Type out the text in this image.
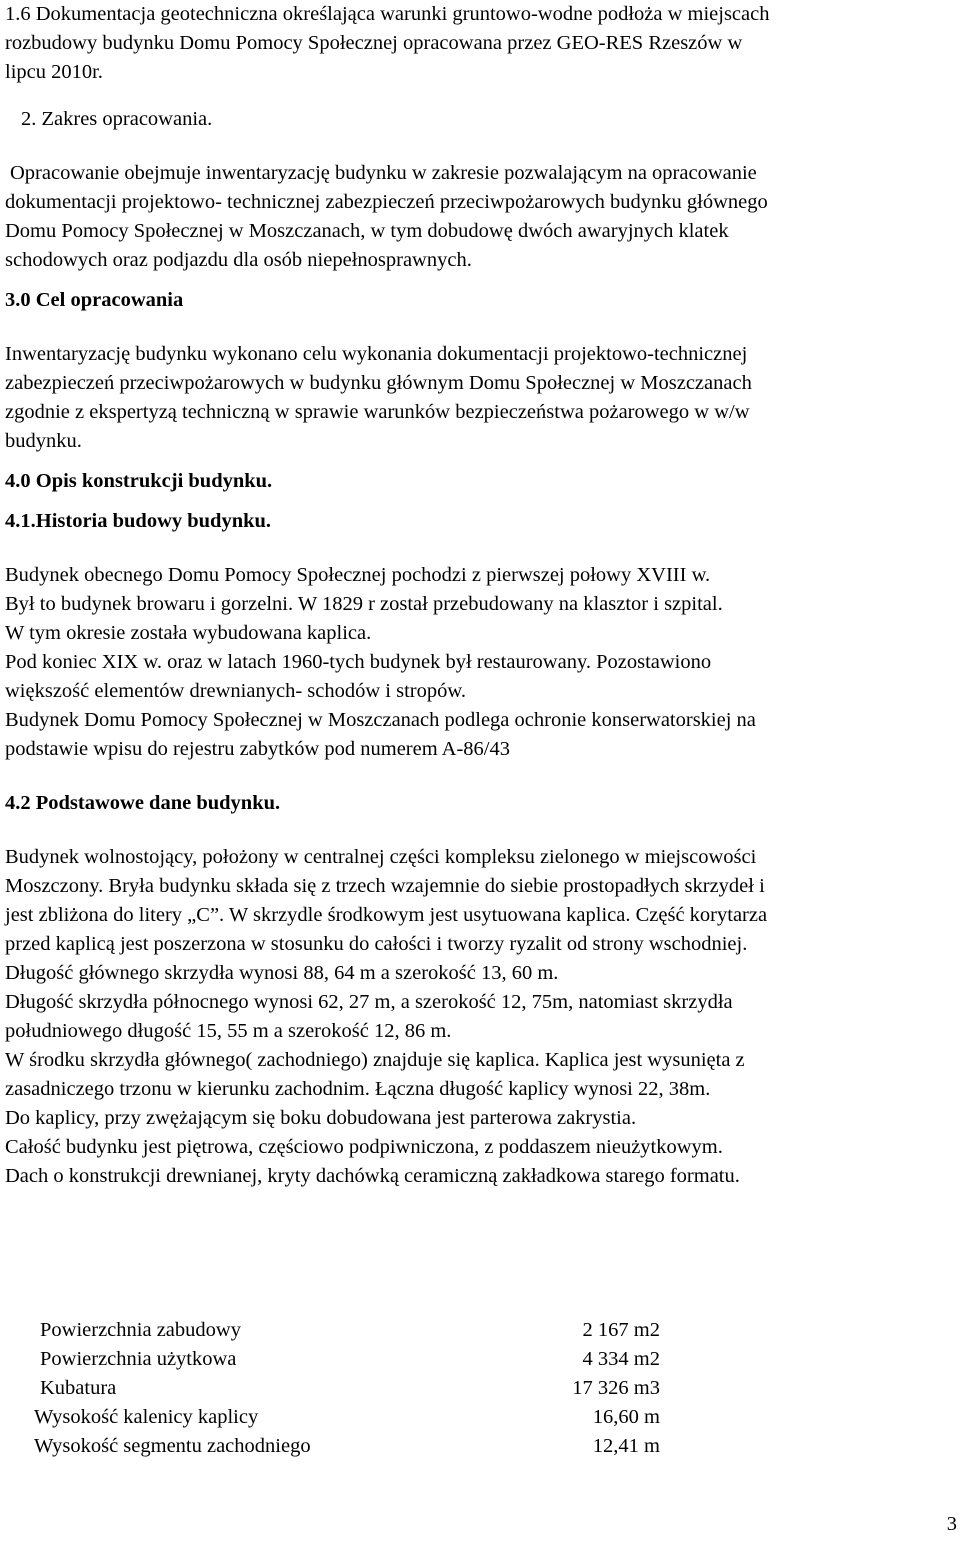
1.6 Dokumentacja geotechniczna określająca warunki gruntowo-wodne podłoża w miejscach
rozbudowy budynku Domu Pomocy Społecznej opracowana przez GEO-RES Rzeszów w
lipcu 2010r.
2. Zakres opracowania.
Opracowanie obejmuje inwentaryzację budynku w zakresie pozwalającym na opracowanie
dokumentacji projektowo- technicznej zabezpieczeń przeciwpożarowych budynku głównego
Domu Pomocy Społecznej w Moszczanach, w tym dobudowę dwóch awaryjnych klatek
schodowych oraz podjazdu dla osób niepełnosprawnych.
3.0 Cel opracowania
Inwentaryzację budynku wykonano celu wykonania dokumentacji projektowo-technicznej
zabezpieczeń przeciwpożarowych w budynku głównym Domu Społecznej w Moszczanach
zgodnie z ekspertyzą techniczną w sprawie warunków bezpieczeństwa pożarowego w w/w
budynku.
4.0 Opis konstrukcji budynku.
4.1.Historia budowy budynku.
Budynek obecnego Domu Pomocy Społecznej pochodzi z pierwszej połowy XVIII w.
Był to budynek browaru i gorzelni. W 1829 r został przebudowany na klasztor i szpital.
W tym okresie została wybudowana kaplica.
Pod koniec XIX w. oraz w latach 1960-tych budynek był restaurowany. Pozostawiono
większość elementów drewnianych- schodów i stropów.
Budynek Domu Pomocy Społecznej w Moszczanach podlega ochronie konserwatorskiej na
podstawie wpisu do rejestru zabytków pod numerem A-86/43
4.2 Podstawowe dane budynku.
Budynek wolnostojący, położony w centralnej części kompleksu zielonego w miejscowości
Moszczony. Bryła budynku składa się z trzech wzajemnie do siebie prostopadłych skrzydeł i
jest zbliżona do litery „C”. W skrzydle środkowym jest usytuowana kaplica. Część korytarza
przed kaplicą jest poszerzona w stosunku do całości i tworzy ryzalit od strony wschodniej.
Długość głównego skrzydła wynosi 88, 64 m a szerokość 13, 60 m.
Długość skrzydła północnego wynosi 62, 27 m, a szerokość 12, 75m, natomiast skrzydła
południowego długość 15, 55 m a szerokość 12, 86 m.
W środku skrzydła głównego( zachodniego) znajduje się kaplica. Kaplica jest wysunięta z
zasadniczego trzonu w kierunku zachodnim. Łączna długość kaplicy wynosi 22, 38m.
Do kaplicy, przy zwężającym się boku dobudowana jest parterowa zakrystia.
Całość budynku jest piętrowa, częściowo podpiwniczona, z poddaszem nieużytkowym.
Dach o konstrukcji drewnianej, kryty dachówką ceramiczną zakładkowa starego formatu.
Powierzchnia zabudowy	2 167 m2
Powierzchnia użytkowa	4 334 m2
Kubatura	17 326 m3
Wysokość kalenicy kaplicy	16,60 m
Wysokość segmentu zachodniego	12,41 m
3
